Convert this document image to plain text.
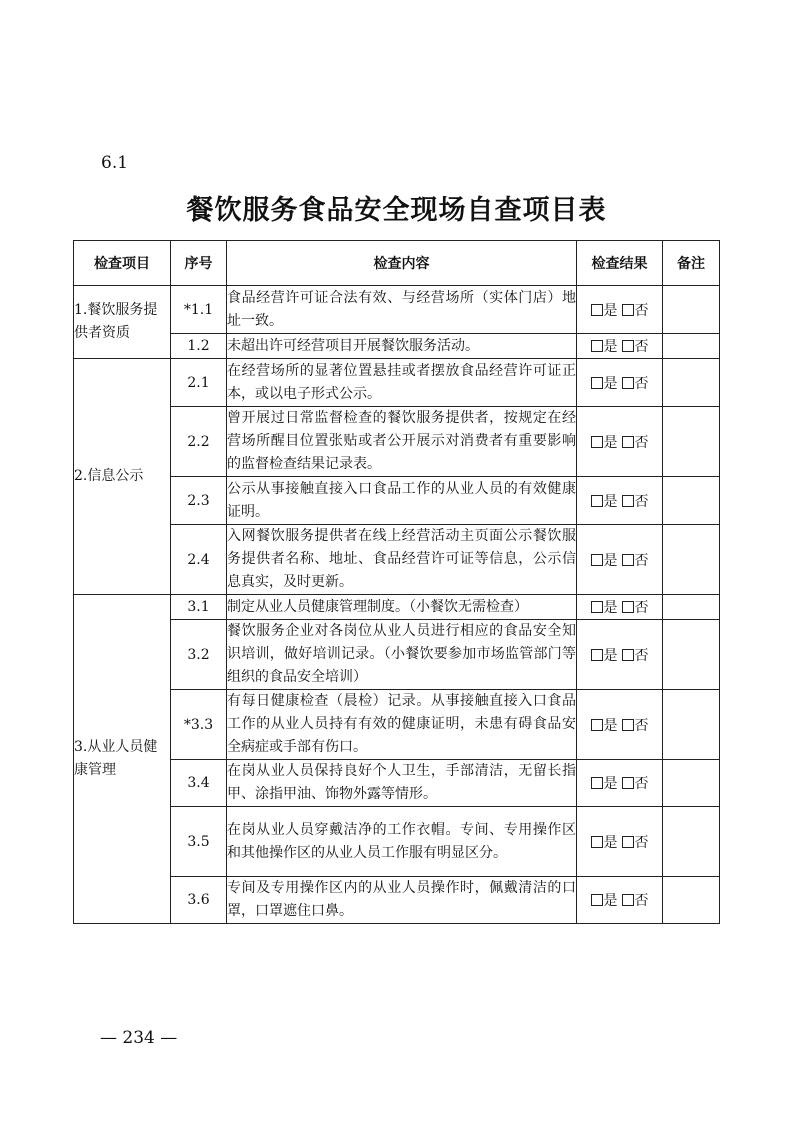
6.1
餐饮服务食品安全现场自查项目表
检查项目	序号	检查内容	检查结果	备注
1.餐饮服务提供者资质	*1.1	食品经营许可证合法有效、与经营场所（实体门店）地址一致。	是 否	
	1.2	未超出许可经营项目开展餐饮服务活动。	是 否	
2.信息公示	2.1	在经营场所的显著位置悬挂或者摆放食品经营许可证正本，或以电子形式公示。	是 否	
	2.2	曾开展过日常监督检查的餐饮服务提供者，按规定在经营场所醒目位置张贴或者公开展示对消费者有重要影响的监督检查结果记录表。	是 否	
	2.3	公示从事接触直接入口食品工作的从业人员的有效健康证明。	是 否	
	2.4	入网餐饮服务提供者在线上经营活动主页面公示餐饮服务提供者名称、地址、食品经营许可证等信息，公示信息真实，及时更新。	是 否	
3.从业人员健康管理	3.1	制定从业人员健康管理制度。（小餐饮无需检查）	是 否	
	3.2	餐饮服务企业对各岗位从业人员进行相应的食品安全知识培训，做好培训记录。（小餐饮要参加市场监管部门等组织的食品安全培训）	是 否	
	*3.3	有每日健康检查（晨检）记录。从事接触直接入口食品工作的从业人员持有有效的健康证明，未患有碍食品安全病症或手部有伤口。	是 否	
	3.4	在岗从业人员保持良好个人卫生，手部清洁，无留长指甲、涂指甲油、饰物外露等情形。	是 否	
	3.5	在岗从业人员穿戴洁净的工作衣帽。专间、专用操作区和其他操作区的从业人员工作服有明显区分。	是 否	
	3.6	专间及专用操作区内的从业人员操作时，佩戴清洁的口罩，口罩遮住口鼻。	是 否	
— 234 —
